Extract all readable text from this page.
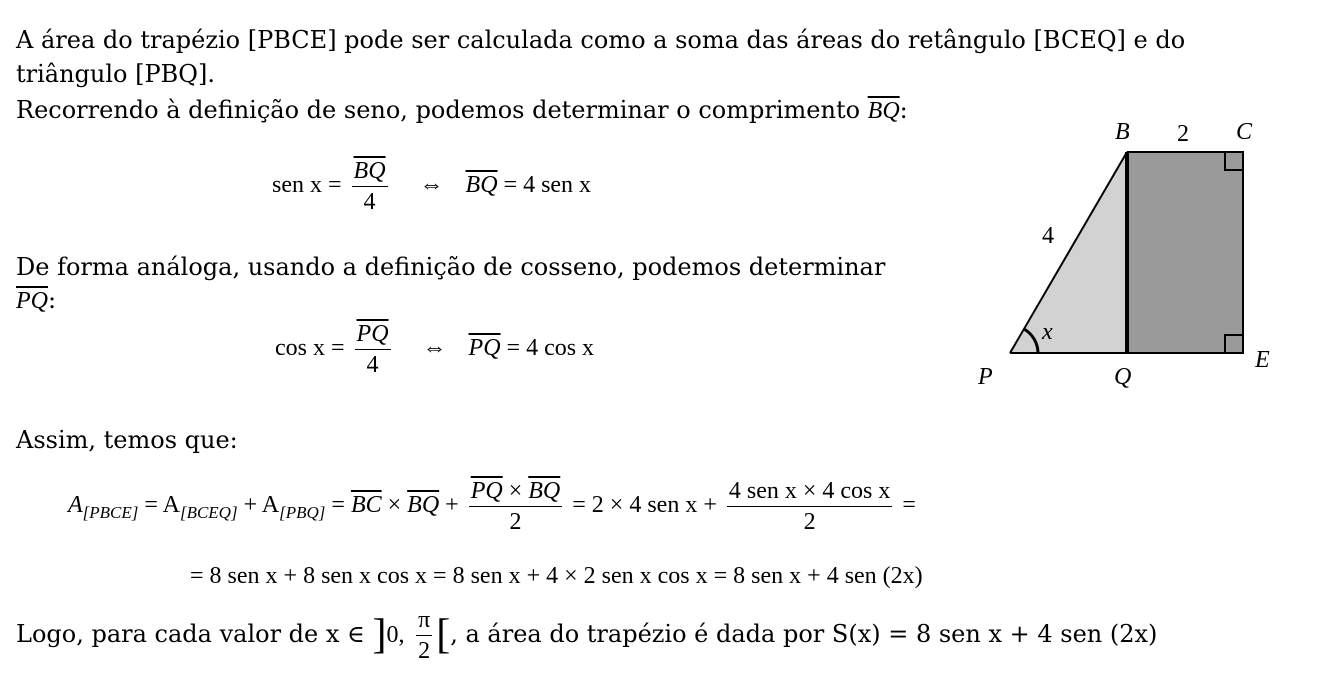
A área do trapézio [PBCE] pode ser calculada como a soma das áreas do retângulo [BCEQ] e do
triângulo [PBQ].
Recorrendo à definição de seno, podemos determinar o comprimento $\overline{BQ}$:
sen $x = \frac{\overline{BQ}}{4}$ ⇔ $\overline{BQ} = 4$ sen x
De forma análoga, usando a definição de cosseno, podemos determinar
$\overline{PQ}$:
$\cos x = \frac{\overline{PQ}}{4}$ ⇔ $\overline{PQ} = 4$ cos x
Assim, temos que:
$A_{[PBCE]} = A_{[BCEQ]} + A_{[PBQ]} = \overline{BC} \times \overline{BQ} + \frac{\overline{PQ} \times \overline{BQ}}{2} = 2 \times 4$ sen $x + \frac{\text{4 sen x × 4 cos x}}{2}$ =
= 8 sen x + 8 sen x cos x = 8 sen x + 4 × 2 sen x cos x = 8 sen x + 4 sen (2x)
Logo, para cada valor de x ∈ ]0, $\frac{\pi}{2}$ [, a área do trapézio é dada por S(x) = 8 sen x + 4 sen (2x)
B	C
2
4
x
P	Q
E
